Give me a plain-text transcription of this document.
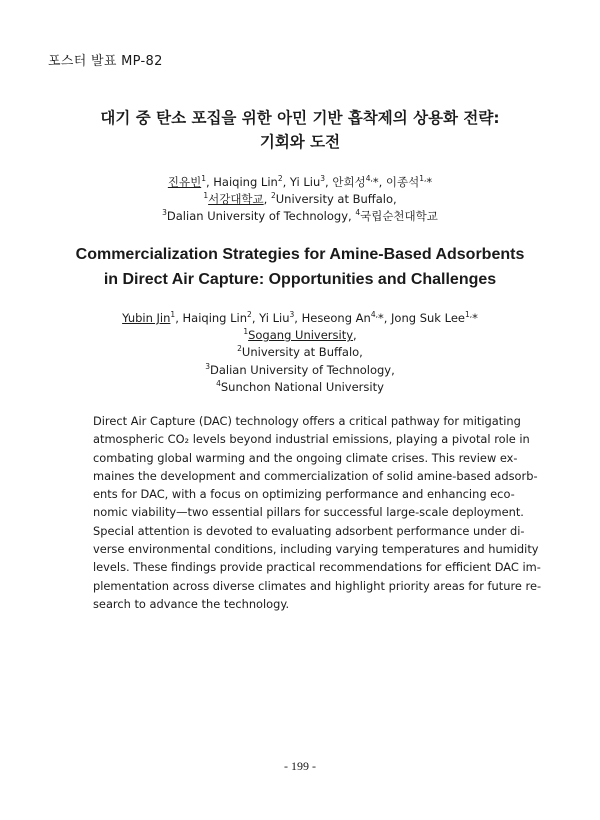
포스터 발표 MP-82
대기 중 탄소 포집을 위한 아민 기반 흡착제의 상용화 전략:
기회와 도전
진유빈$^1$, Haiqing Lin$^2$, Yi Liu$^3$, 안희성$^{4,}$*, 이종석$^{1,}$*
$^1$서강대학교, $^2$University at Buffalo,
$^3$Dalian University of Technology, $^4$국립순천대학교
Commercialization Strategies for Amine-Based Adsorbents
in Direct Air Capture: Opportunities and Challenges
Yubin Jin$^1$, Haiqing Lin$^2$, Yi Liu$^3$, Heseong $An^{4,}*$, Jong Suk Lee$^{1,}$*
$^1$Sogang University,
$^2$University at Buffalo,
$^3$Dalian University of Technology,
$^4$Sunchon National University
Direct Air Capture (DAC) technology offers a critical pathway for mitigating
atmospheric CO₂ levels beyond industrial emissions, playing a pivotal role in
combating global warming and the ongoing climate crises. This review ex-
maines the development and commercialization of solid amine-based adsorb-
ents for DAC, with a focus on optimizing performance and enhancing eco-
nomic viability—two essential pillars for successful large-scale deployment.
Special attention is devoted to evaluating adsorbent performance under di-
verse environmental conditions, including varying temperatures and humidity
levels. These findings provide practical recommendations for efficient DAC im-
plementation across diverse climates and highlight priority areas for future re-
search to advance the technology.
- 199 -
